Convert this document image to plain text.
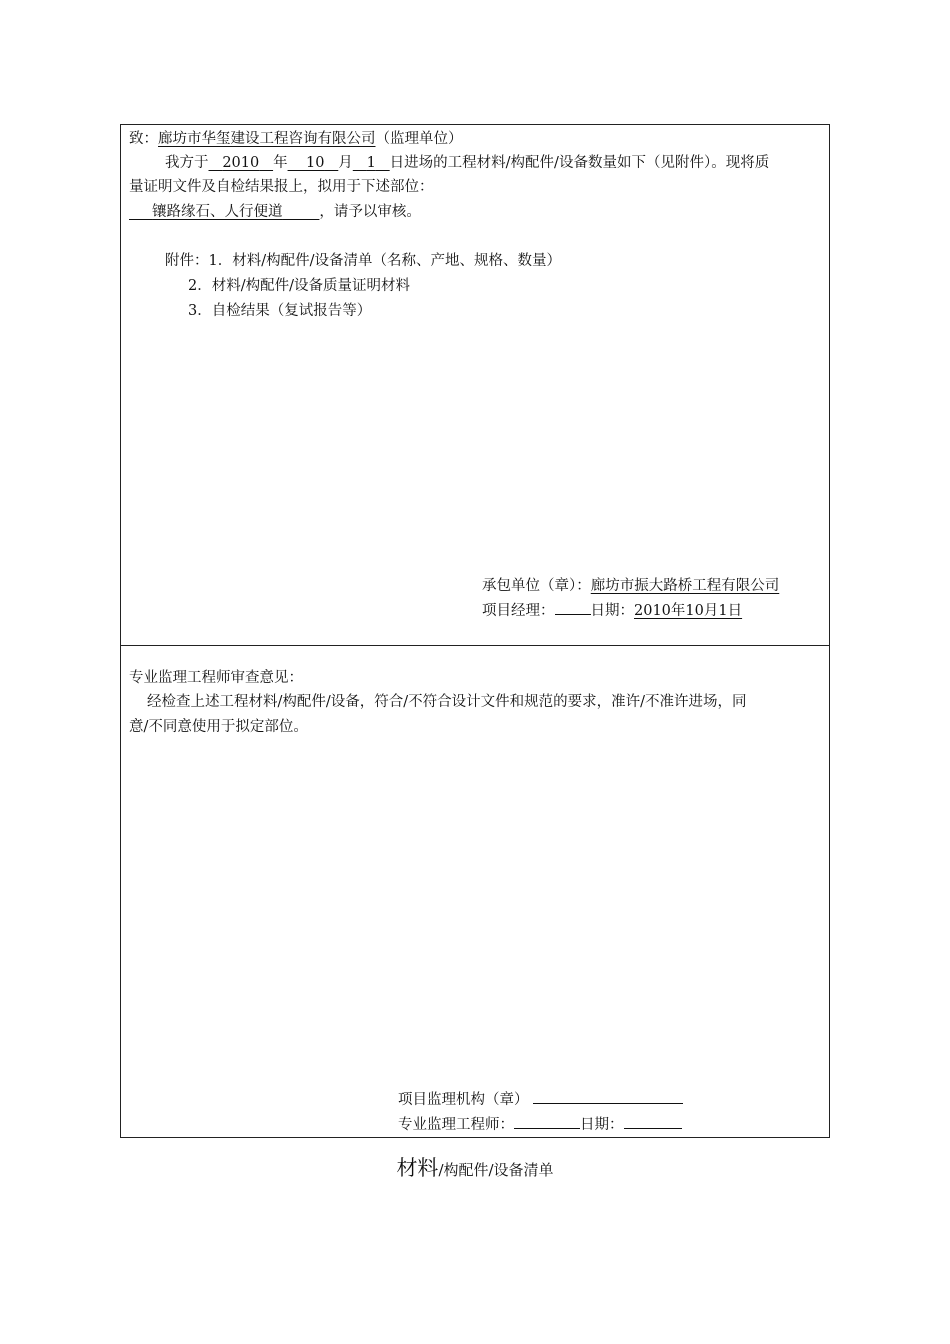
致：廊坊市华玺建设工程咨询有限公司（监理单位）
我方于 2010 年 10 月 1 日进场的工程材料/构配件/设备数量如下（见附件）。现将质
量证明文件及自检结果报上，拟用于下述部位：
镶路缘石、人行便道	，请予以审核。
附件：1．材料/构配件/设备清单（名称、产地、规格、数量）
2．材料/构配件/设备质量证明材料
3．自检结果（复试报告等）
承包单位（章）：廊坊市振大路桥工程有限公司
项目经理： 日期：2010年10月1日
专业监理工程师审查意见：
经检查上述工程材料/构配件/设备，符合/不符合设计文件和规范的要求，准许/不准许进场，同
意/不同意使用于拟定部位。
项目监理机构（章）
专业监理工程师：	日期：
材料/构配件/设备清单
